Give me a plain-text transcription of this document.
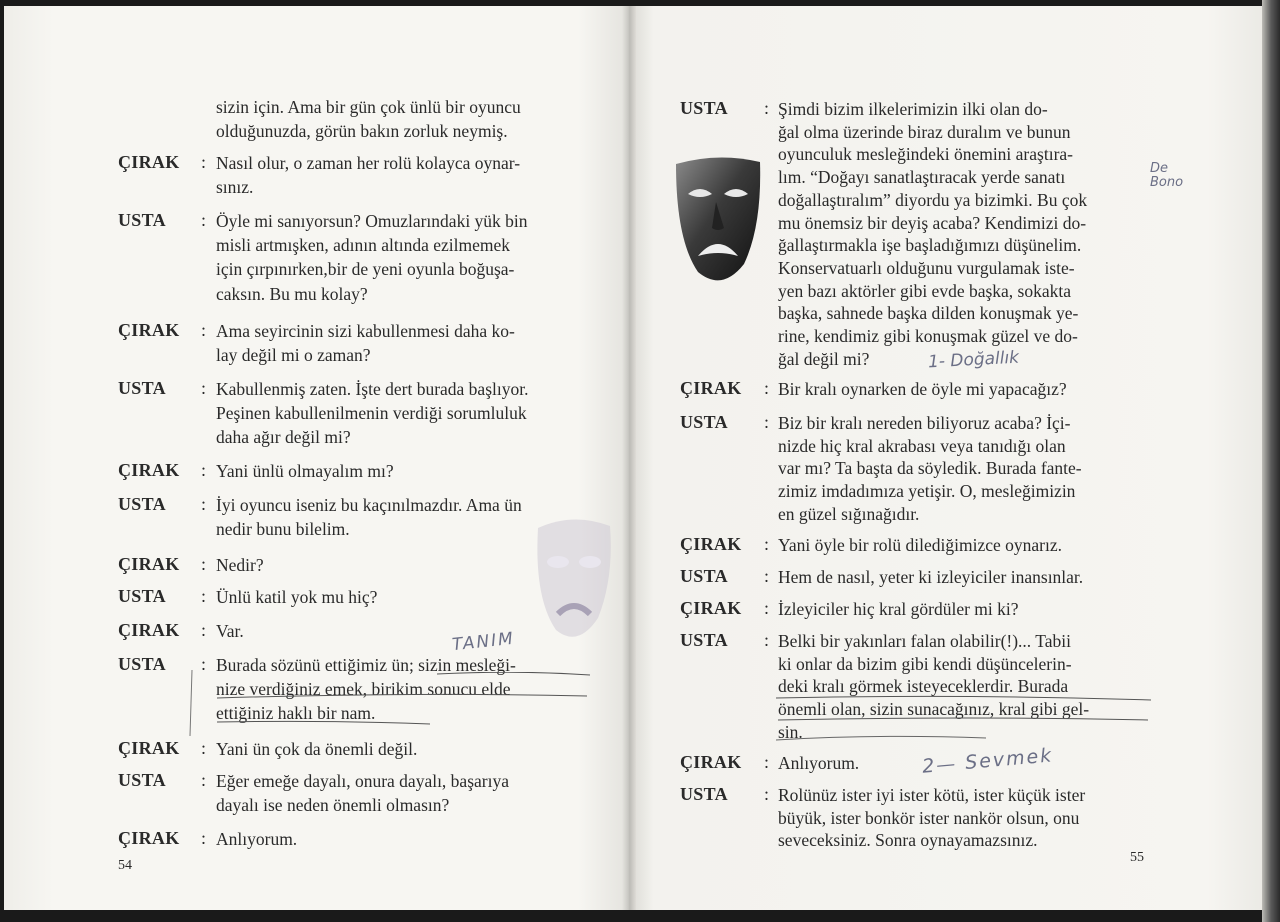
sizin için. Ama bir gün çok ünlü bir oyuncu
olduğunuzda, görün bakın zorluk neymiş.
ÇIRAK : Nasıl olur, o zaman her rolü kolayca oynar-
sınız.
USTA : Öyle mi sanıyorsun? Omuzlarındaki yük bin
misli artmışken, adının altında ezilmemek
için çırpınırken,bir de yeni oyunla boğuşa-
caksın. Bu mu kolay?
ÇIRAK : Ama seyircinin sizi kabullenmesi daha ko-
lay değil mi o zaman?
USTA : Kabullenmiş zaten. İşte dert burada başlıyor.
Peşinen kabullenilmenin verdiği sorumluluk
daha ağır değil mi?
ÇIRAK : Yani ünlü olmayalım mı?
USTA : İyi oyuncu iseniz bu kaçınılmazdır. Ama ün
nedir bunu bilelim.
ÇIRAK : Nedir?
USTA : Ünlü katil yok mu hiç?
ÇIRAK : Var.
USTA : Burada sözünü ettiğimiz ün; sizin mesleği-
nize verdiğiniz emek, birikim sonucu elde
ettiğiniz haklı bir nam.
ÇIRAK : Yani ün çok da önemli değil.
USTA : Eğer emeğe dayalı, onura dayalı, başarıya
dayalı ise neden önemli olmasın?
ÇIRAK : Anlıyorum.
54
TANIM
USTA : Şimdi bizim ilkelerimizin ilki olan do-
ğal olma üzerinde biraz duralım ve bunun
oyunculuk mesleğindeki önemini araştıra-
lım. “Doğayı sanatlaştıracak yerde sanatı
doğallaştıralım” diyordu ya bizimki. Bu çok
mu önemsiz bir deyiş acaba? Kendimizi do-
ğallaştırmakla işe başladığımızı düşünelim.
Konservatuarlı olduğunu vurgulamak iste-
yen bazı aktörler gibi evde başka, sokakta
başka, sahnede başka dilden konuşmak ye-
rine, kendimiz gibi konuşmak güzel ve do-
ğal değil mi?
ÇIRAK : Bir kralı oynarken de öyle mi yapacağız?
USTA : Biz bir kralı nereden biliyoruz acaba? İçi-
nizde hiç kral akrabası veya tanıdığı olan
var mı? Ta başta da söyledik. Burada fante-
zimiz imdadımıza yetişir. O, mesleğimizin
en güzel sığınağıdır.
ÇIRAK : Yani öyle bir rolü dilediğimizce oynarız.
USTA : Hem de nasıl, yeter ki izleyiciler inansınlar.
ÇIRAK : İzleyiciler hiç kral gördüler mi ki?
USTA : Belki bir yakınları falan olabilir(!)... Tabii
ki onlar da bizim gibi kendi düşüncelerin-
deki kralı görmek isteyeceklerdir. Burada
önemli olan, sizin sunacağınız, kral gibi gel-
sin.
ÇIRAK : Anlıyorum.
USTA : Rolünüz ister iyi ister kötü, ister küçük ister
büyük, ister bonkör ister nankör olsun, onu
seveceksiniz. Sonra oynayamazsınız.
55
1- Doğallık
2— Sevmek
De Bono
